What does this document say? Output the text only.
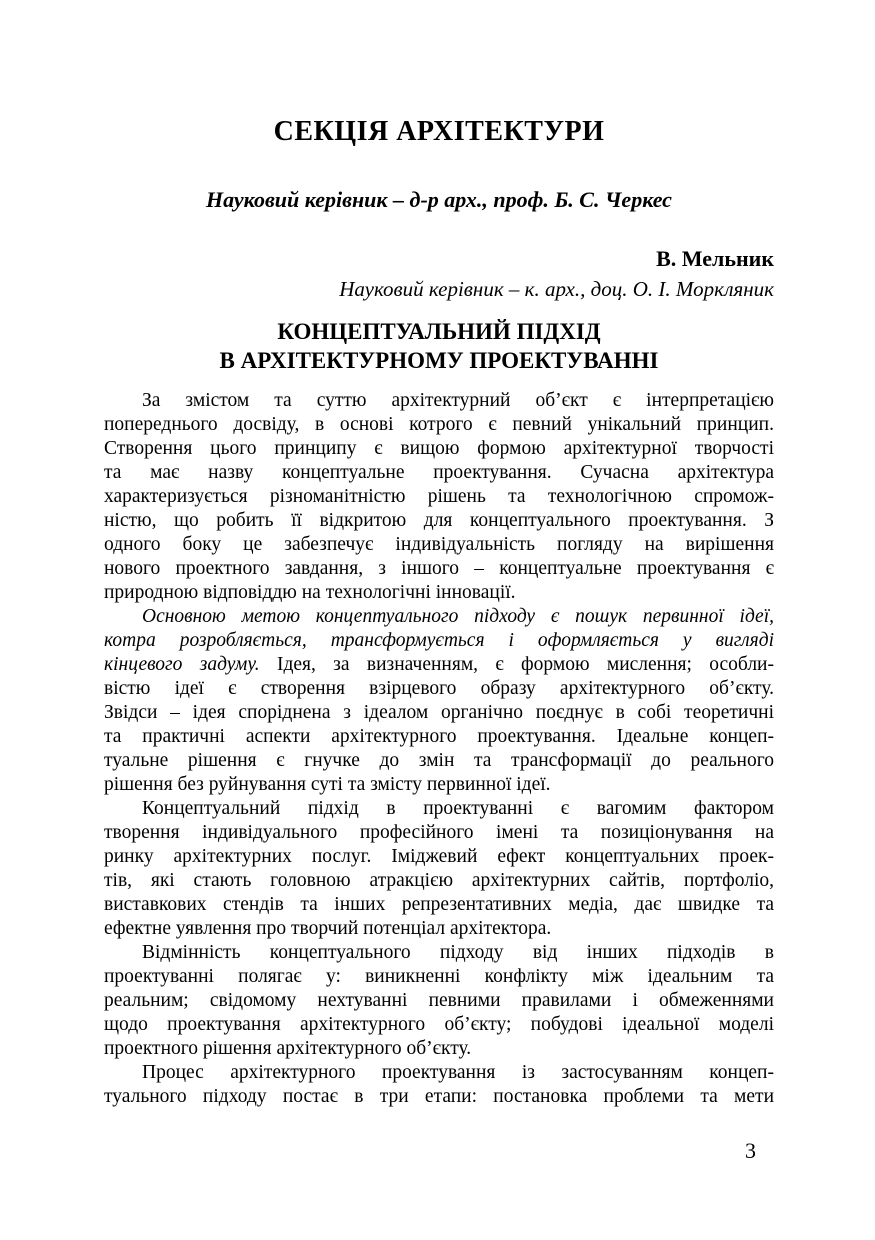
СЕКЦІЯ АРХІТЕКТУРИ

Науковий керівник – д-р арх., проф. Б. С. Черкес

В. Мельник

Науковий керівник – к. арх., доц. О. І. Моркляник

КОНЦЕПТУАЛЬНИЙ ПІДХІД
В АРХІТЕКТУРНОМУ ПРОЕКТУВАННІ
За змістом та суттю архітектурний об’єкт є інтерпретацією
попереднього досвіду, в основі котрого є певний унікальний принцип.
Створення цього принципу є вищою формою архітектурної творчості
та має назву концептуальне проектування. Сучасна архітектура
характеризується різноманітністю рішень та технологічною спромож-
ністю, що робить її відкритою для концептуального проектування. З
одного боку це забезпечує індивідуальність погляду на вирішення
нового проектного завдання, з іншого – концептуальне проектування є
природною відповіддю на технологічні інновації.
Основною метою концептуального підходу є пошук первинної ідеї,
котра розробляється, трансформується і оформляється у вигляді
кінцевого задуму. Ідея, за визначенням, є формою мислення; особли-
вістю ідеї є створення взірцевого образу архітектурного об’єкту.
Звідси – ідея споріднена з ідеалом органічно поєднує в собі теоретичні
та практичні аспекти архітектурного проектування. Ідеальне концеп-
туальне рішення є гнучке до змін та трансформації до реального
рішення без руйнування суті та змісту первинної ідеї.
Концептуальний підхід в проектуванні є вагомим фактором
творення індивідуального професійного імені та позиціонування на
ринку архітектурних послуг. Іміджевий ефект концептуальних проек-
тів, які стають головною атракцією архітектурних сайтів, портфоліо,
виставкових стендів та інших репрезентативних медіа, дає швидке та
ефектне уявлення про творчий потенціал архітектора.
Відмінність концептуального підходу від інших підходів в
проектуванні полягає у: виникненні конфлікту між ідеальним та
реальним; свідомому нехтуванні певними правилами і обмеженнями
щодо проектування архітектурного об’єкту; побудові ідеальної моделі
проектного рішення архітектурного об’єкту.
Процес архітектурного проектування із застосуванням концеп-
туального підходу постає в три етапи: постановка проблеми та мети
3
